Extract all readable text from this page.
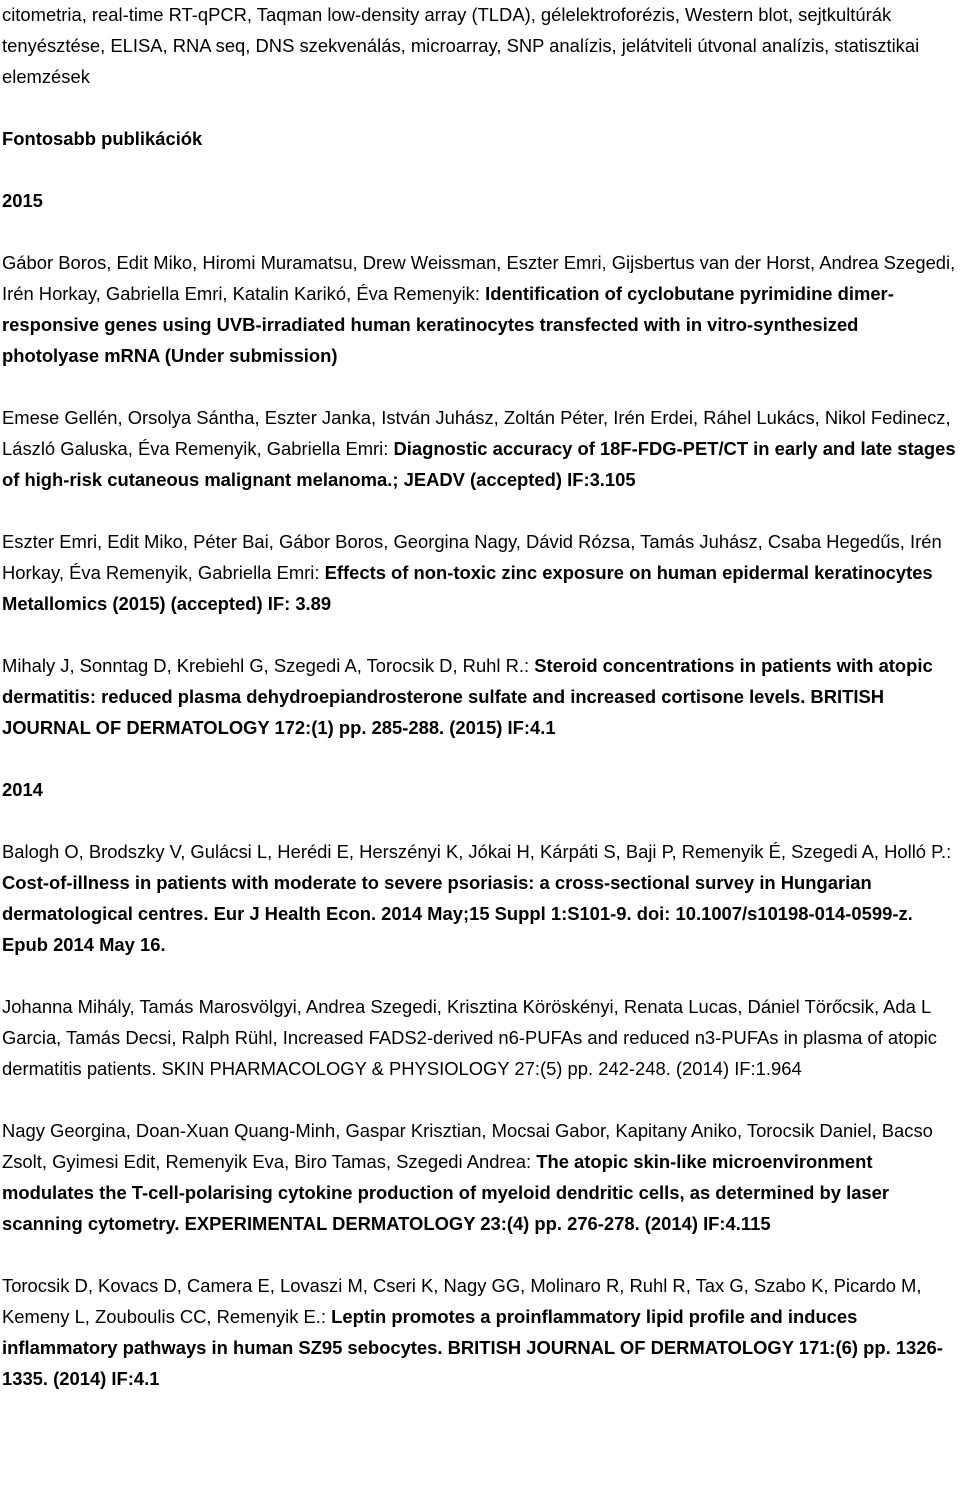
citometria, real-time RT-qPCR, Taqman low-density array (TLDA), gélelektroforézis, Western blot, sejtkultúrák tenyésztése, ELISA, RNA seq, DNS szekvenálás, microarray, SNP analízis, jelátviteli útvonal analízis, statisztikai elemzések

Fontosabb publikációk

2015

Gábor Boros, Edit Miko, Hiromi Muramatsu, Drew Weissman, Eszter Emri, Gijsbertus van der Horst, Andrea Szegedi, Irén Horkay, Gabriella Emri, Katalin Karikó, Éva Remenyik: Identification of cyclobutane pyrimidine dimer-responsive genes using UVB-irradiated human keratinocytes transfected with in vitro-synthesized photolyase mRNA (Under submission)

Emese Gellén, Orsolya Sántha, Eszter Janka, István Juhász, Zoltán Péter, Irén Erdei, Ráhel Lukács, Nikol Fedinecz, László Galuska, Éva Remenyik, Gabriella Emri: Diagnostic accuracy of 18F-FDG-PET/CT in early and late stages of high-risk cutaneous malignant melanoma.; JEADV (accepted) IF:3.105

Eszter Emri, Edit Miko, Péter Bai, Gábor Boros, Georgina Nagy, Dávid Rózsa, Tamás Juhász, Csaba Hegedűs, Irén Horkay, Éva Remenyik, Gabriella Emri: Effects of non-toxic zinc exposure on human epidermal keratinocytes Metallomics (2015) (accepted) IF: 3.89

Mihaly J, Sonntag D, Krebiehl G, Szegedi A, Torocsik D, Ruhl R.: Steroid concentrations in patients with atopic dermatitis: reduced plasma dehydroepiandrosterone sulfate and increased cortisone levels. BRITISH JOURNAL OF DERMATOLOGY 172:(1) pp. 285-288. (2015) IF:4.1

2014

Balogh O, Brodszky V, Gulácsi L, Herédi E, Herszényi K, Jókai H, Kárpáti S, Baji P, Remenyik É, Szegedi A, Holló P.: Cost-of-illness in patients with moderate to severe psoriasis: a cross-sectional survey in Hungarian dermatological centres. Eur J Health Econ. 2014 May;15 Suppl 1:S101-9. doi: 10.1007/s10198-014-0599-z. Epub 2014 May 16.

Johanna Mihály, Tamás Marosvölgyi, Andrea Szegedi, Krisztina Köröskényi, Renata Lucas, Dániel Törőcsik, Ada L Garcia, Tamás Decsi, Ralph Rühl, Increased FADS2-derived n6-PUFAs and reduced n3-PUFAs in plasma of atopic dermatitis patients. SKIN PHARMACOLOGY & PHYSIOLOGY 27:(5) pp. 242-248. (2014) IF:1.964

Nagy Georgina, Doan-Xuan Quang-Minh, Gaspar Krisztian, Mocsai Gabor, Kapitany Aniko, Torocsik Daniel, Bacso Zsolt, Gyimesi Edit, Remenyik Eva, Biro Tamas, Szegedi Andrea: The atopic skin-like microenvironment modulates the T-cell-polarising cytokine production of myeloid dendritic cells, as determined by laser scanning cytometry. EXPERIMENTAL DERMATOLOGY 23:(4) pp. 276-278. (2014) IF:4.115

Torocsik D, Kovacs D, Camera E, Lovaszi M, Cseri K, Nagy GG, Molinaro R, Ruhl R, Tax G, Szabo K, Picardo M, Kemeny L, Zouboulis CC, Remenyik E.: Leptin promotes a proinflammatory lipid profile and induces inflammatory pathways in human SZ95 sebocytes. BRITISH JOURNAL OF DERMATOLOGY 171:(6) pp. 1326-1335. (2014) IF:4.1
